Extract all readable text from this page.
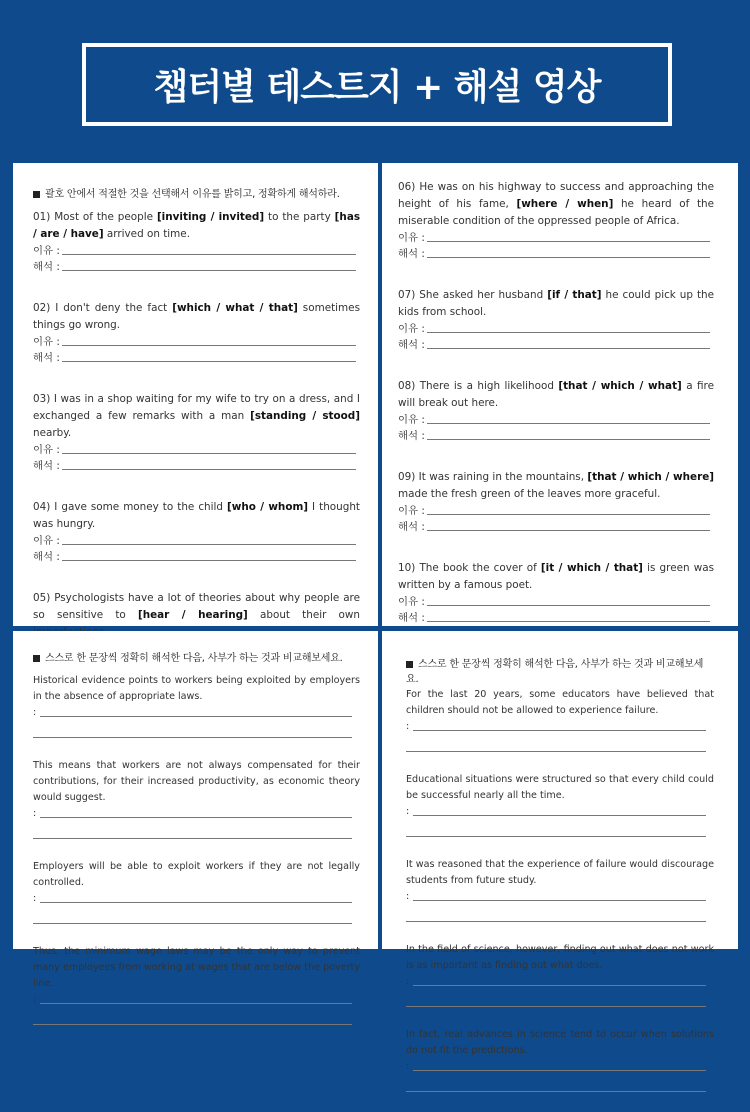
챕터별 테스트지 + 해설 영상
괄호 안에서 적절한 것을 선택해서 이유를 밝히고, 정확하게 해석하라.
01) Most of the people [inviting / invited] to the party [has / are / have] arrived on time.
이유 :
해석 :
02) I don't deny the fact [which / what / that] sometimes things go wrong.
이유 :
해석 :
03) I was in a shop waiting for my wife to try on a dress, and I exchanged a few remarks with a man [standing / stood] nearby.
이유 :
해석 :
04) I gave some money to the child [who / whom] I thought was hungry.
이유 :
해석 :
05) Psychologists have a lot of theories about why people are so sensitive to [hear / hearing] about their own
06) He was on his highway to success and approaching the height of his fame, [where / when] he heard of the miserable condition of the oppressed people of Africa.
이유 :
해석 :
07) She asked her husband [if / that] he could pick up the kids from school.
이유 :
해석 :
08) There is a high likelihood [that / which / what] a fire will break out here.
이유 :
해석 :
09) It was raining in the mountains, [that / which / where] made the fresh green of the leaves more graceful.
이유 :
해석 :
10) The book the cover of [it / which / that] is green was written by a famous poet.
이유 :
해석 :
스스로 한 문장씩 정확히 해석한 다음, 사부가 하는 것과 비교해보세요.
Historical evidence points to workers being exploited by employers in the absence of appropriate laws.
:
This means that workers are not always compensated for their contributions, for their increased productivity, as economic theory would suggest.
:
Employers will be able to exploit workers if they are not legally controlled.
:
Thus, the minimum wage laws may be the only way to prevent many employees from working at wages that are below the poverty line.
:
스스로 한 문장씩 정확히 해석한 다음, 사부가 하는 것과 비교해보세요.
For the last 20 years, some educators have believed that children should not be allowed to experience failure.
:
Educational situations were structured so that every child could be successful nearly all the time.
:
It was reasoned that the experience of failure would discourage students from future study.
:
In the field of science, however, finding out what does not work is as important as finding out what does.
:
In fact, real advances in science tend to occur when solutions do not fit the predictions.
:
